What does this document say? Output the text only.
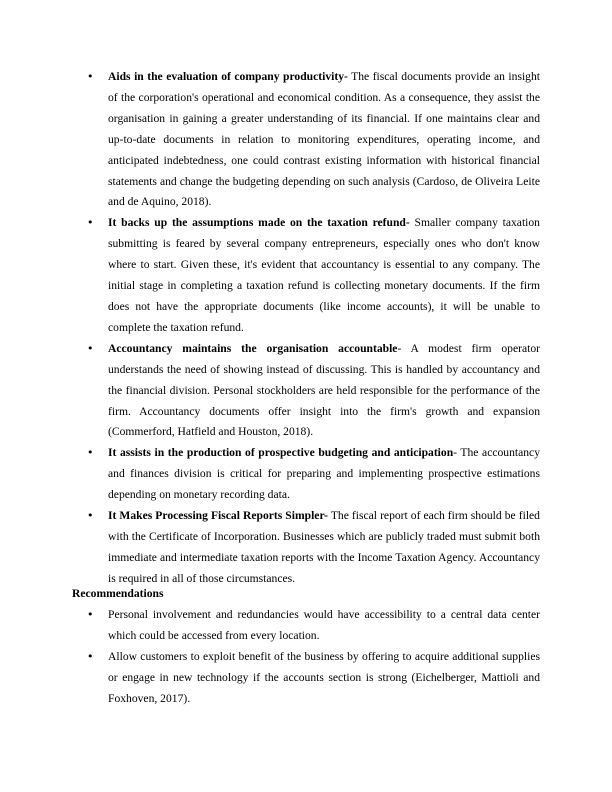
• Aids in the evaluation of company productivity- The fiscal documents provide an insight of the corporation's operational and economical condition. As a consequence, they assist the organisation in gaining a greater understanding of its financial. If one maintains clear and up-to-date documents in relation to monitoring expenditures, operating income, and anticipated indebtedness, one could contrast existing information with historical financial statements and change the budgeting depending on such analysis (Cardoso, de Oliveira Leite and de Aquino, 2018).
• It backs up the assumptions made on the taxation refund- Smaller company taxation submitting is feared by several company entrepreneurs, especially ones who don't know where to start. Given these, it's evident that accountancy is essential to any company. The initial stage in completing a taxation refund is collecting monetary documents. If the firm does not have the appropriate documents (like income accounts), it will be unable to complete the taxation refund.
• Accountancy maintains the organisation accountable- A modest firm operator understands the need of showing instead of discussing. This is handled by accountancy and the financial division. Personal stockholders are held responsible for the performance of the firm. Accountancy documents offer insight into the firm's growth and expansion (Commerford, Hatfield and Houston, 2018).
• It assists in the production of prospective budgeting and anticipation- The accountancy and finances division is critical for preparing and implementing prospective estimations depending on monetary recording data.
• It Makes Processing Fiscal Reports Simpler- The fiscal report of each firm should be filed with the Certificate of Incorporation. Businesses which are publicly traded must submit both immediate and intermediate taxation reports with the Income Taxation Agency. Accountancy is required in all of those circumstances.

Recommendations

• Personal involvement and redundancies would have accessibility to a central data center which could be accessed from every location.
• Allow customers to exploit benefit of the business by offering to acquire additional supplies or engage in new technology if the accounts section is strong (Eichelberger, Mattioli and Foxhoven, 2017).
